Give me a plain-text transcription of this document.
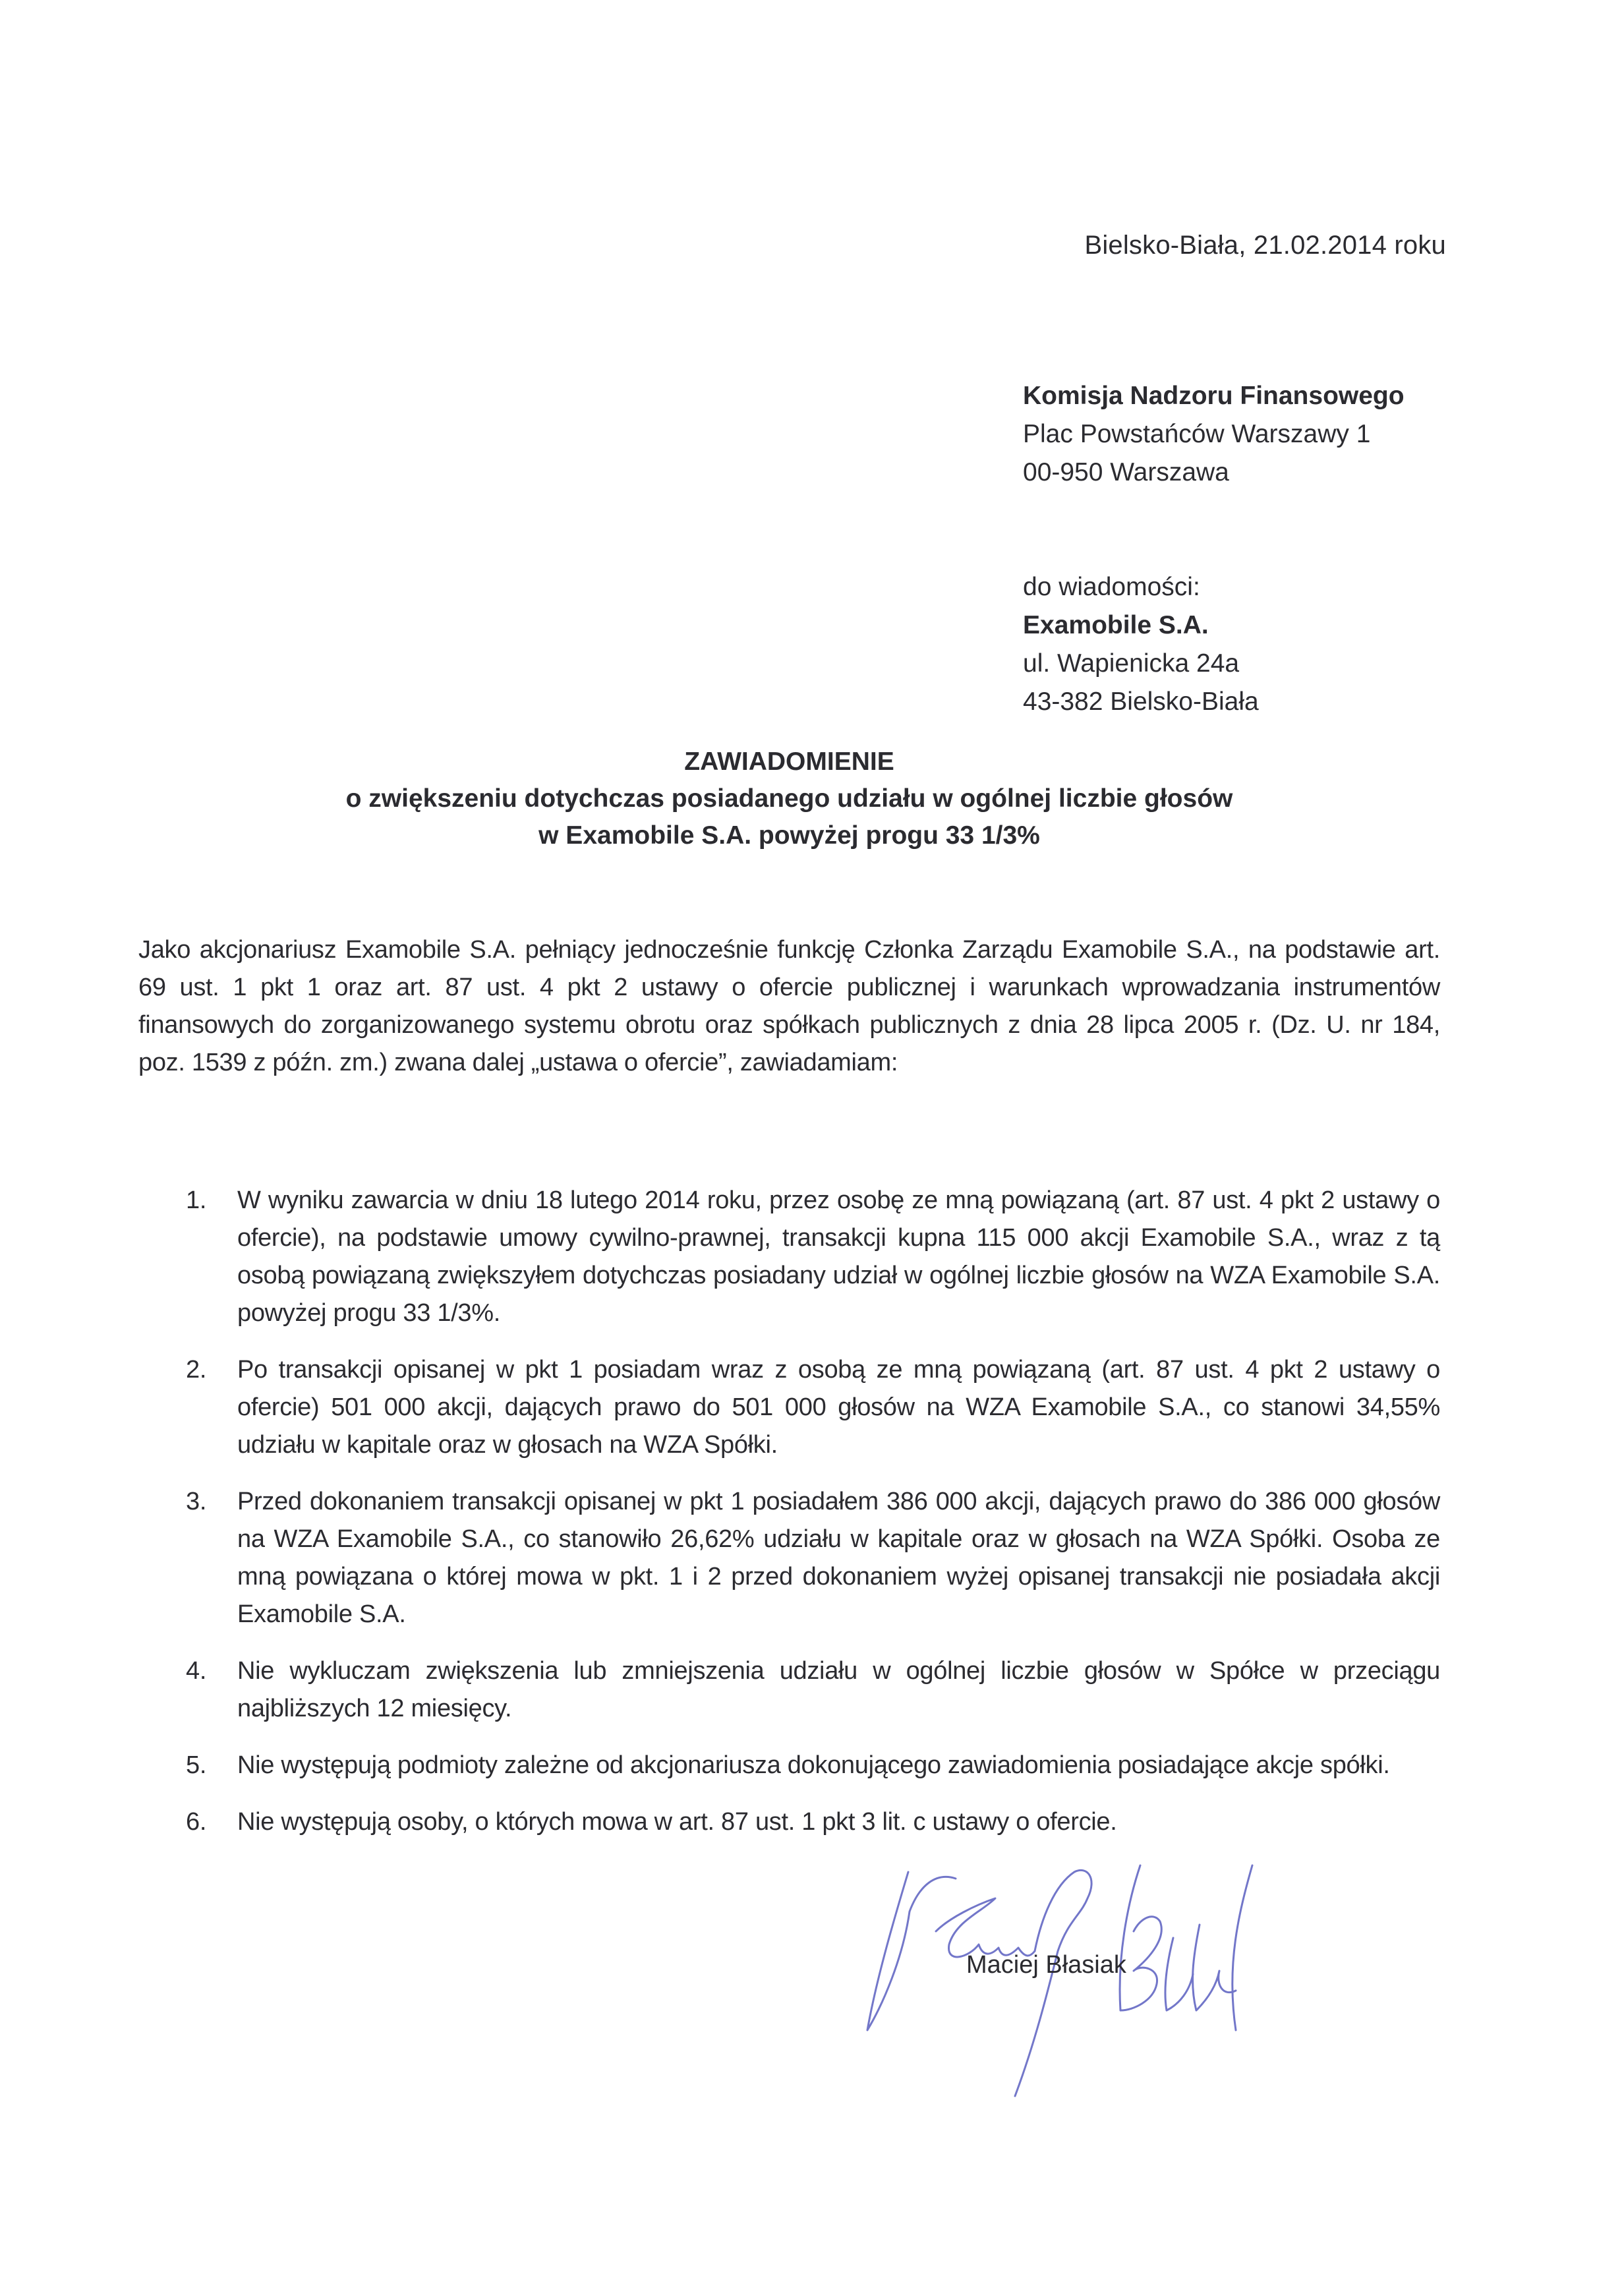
Bielsko-Biała, 21.02.2014 roku
Komisja Nadzoru Finansowego
Plac Powstańców Warszawy 1
00-950 Warszawa
do wiadomości:
Examobile S.A.
ul. Wapienicka 24a
43-382 Bielsko-Biała
ZAWIADOMIENIE
o zwiększeniu dotychczas posiadanego udziału w ogólnej liczbie głosów
w Examobile S.A. powyżej progu 33 1/3%
Jako akcjonariusz Examobile S.A. pełniący jednocześnie funkcję Członka Zarządu Examobile S.A., na podstawie art. 69 ust. 1 pkt 1 oraz art. 87 ust. 4 pkt 2 ustawy o ofercie publicznej i warunkach wprowadzania instrumentów finansowych do zorganizowanego systemu obrotu oraz spółkach publicznych z dnia 28 lipca 2005 r. (Dz. U. nr 184, poz. 1539 z późn. zm.) zwana dalej „ustawa o ofercie”, zawiadamiam:
1. W wyniku zawarcia w dniu 18 lutego 2014 roku, przez osobę ze mną powiązaną (art. 87 ust. 4 pkt 2 ustawy o ofercie), na podstawie umowy cywilno-prawnej, transakcji kupna 115 000 akcji Examobile S.A., wraz z tą osobą powiązaną zwiększyłem dotychczas posiadany udział w ogólnej liczbie głosów na WZA Examobile S.A. powyżej progu 33 1/3%.
2. Po transakcji opisanej w pkt 1 posiadam wraz z osobą ze mną powiązaną (art. 87 ust. 4 pkt 2 ustawy o ofercie) 501 000 akcji, dających prawo do 501 000 głosów na WZA Examobile S.A., co stanowi 34,55% udziału w kapitale oraz w głosach na WZA Spółki.
3. Przed dokonaniem transakcji opisanej w pkt 1 posiadałem 386 000 akcji, dających prawo do 386 000 głosów na WZA Examobile S.A., co stanowiło 26,62% udziału w kapitale oraz w głosach na WZA Spółki. Osoba ze mną powiązana o której mowa w pkt. 1 i 2 przed dokonaniem wyżej opisanej transakcji nie posiadała akcji Examobile S.A.
4. Nie wykluczam zwiększenia lub zmniejszenia udziału w ogólnej liczbie głosów w Spółce w przeciągu najbliższych 12 miesięcy.
5. Nie występują podmioty zależne od akcjonariusza dokonującego zawiadomienia posiadające akcje spółki.
6. Nie występują osoby, o których mowa w art. 87 ust. 1 pkt 3 lit. c ustawy o ofercie.
Maciej Błasiak
